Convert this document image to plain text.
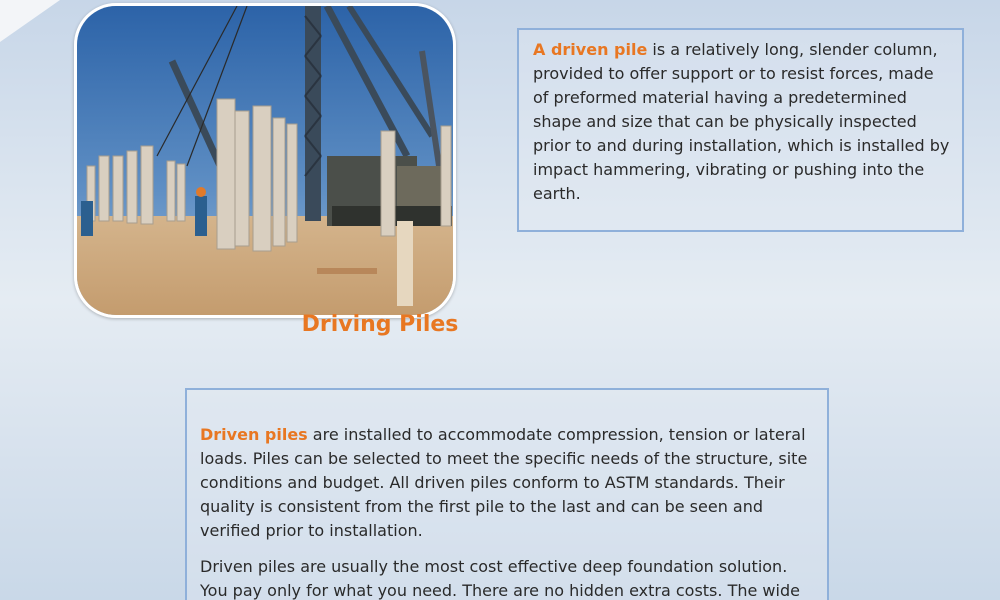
Driving Piles

A driven pile is a relatively long, slender column, provided to offer support or to resist forces, made of preformed material having a predetermined shape and size that can be physically inspected prior to and during installation, which is installed by impact hammering, vibrating or pushing into the earth.

Driven piles are installed to accommodate compression, tension or lateral loads. Piles can be selected to meet the specific needs of the structure, site conditions and budget. All driven piles conform to ASTM standards. Their quality is consistent from the first pile to the last and can be seen and verified prior to installation.

Driven piles are usually the most cost effective deep foundation solution. You pay only for what you need. There are no hidden extra costs. The wide
